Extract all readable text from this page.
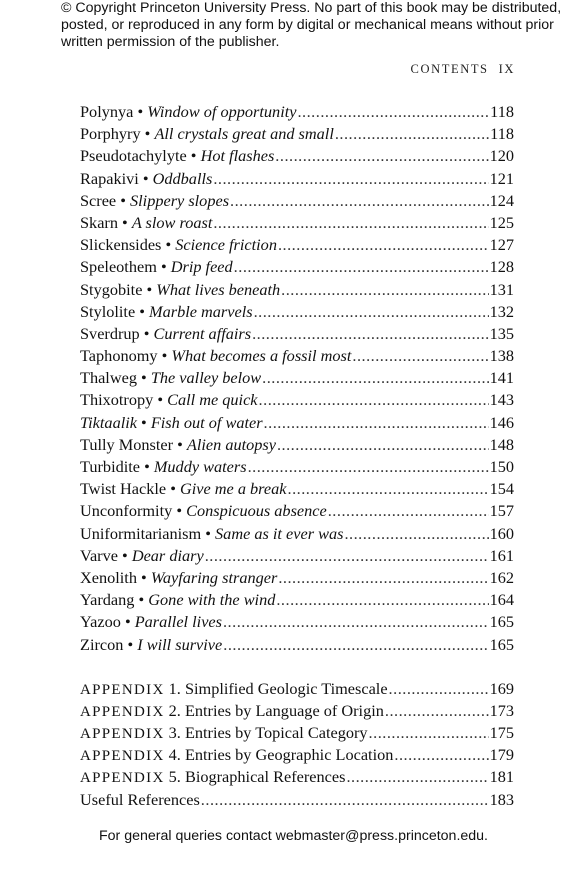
© Copyright Princeton University Press. No part of this book may be distributed, posted, or reproduced in any form by digital or mechanical means without prior written permission of the publisher.
CONTENTS IX
Polynya • Window of opportunity .....	118
Porphyry • All crystals great and small .....	118
Pseudotachylyte • Hot flashes .....	120
Rapakivi • Oddballs .....	121
Scree • Slippery slopes .....	124
Skarn • A slow roast .....	125
Slickensides • Science friction .....	127
Speleothem • Drip feed .....	128
Stygobite • What lives beneath .....	131
Stylolite • Marble marvels .....	132
Sverdrup • Current affairs .....	135
Taphonomy • What becomes a fossil most .....	138
Thalweg • The valley below .....	141
Thixotropy • Call me quick .....	143
Tiktaalik • Fish out of water .....	146
Tully Monster • Alien autopsy .....	148
Turbidite • Muddy waters .....	150
Twist Hackle • Give me a break .....	154
Unconformity • Conspicuous absence .....	157
Uniformitarianism • Same as it ever was .....	160
Varve • Dear diary .....	161
Xenolith • Wayfaring stranger .....	162
Yardang • Gone with the wind .....	164
Yazoo • Parallel lives .....	165
Zircon • I will survive .....	165
APPENDIX 1. Simplified Geologic Timescale .....	169
APPENDIX 2. Entries by Language of Origin .....	173
APPENDIX 3. Entries by Topical Category .....	175
APPENDIX 4. Entries by Geographic Location .....	179
APPENDIX 5. Biographical References .....	181
Useful References .....	183
For general queries contact webmaster@press.princeton.edu.
